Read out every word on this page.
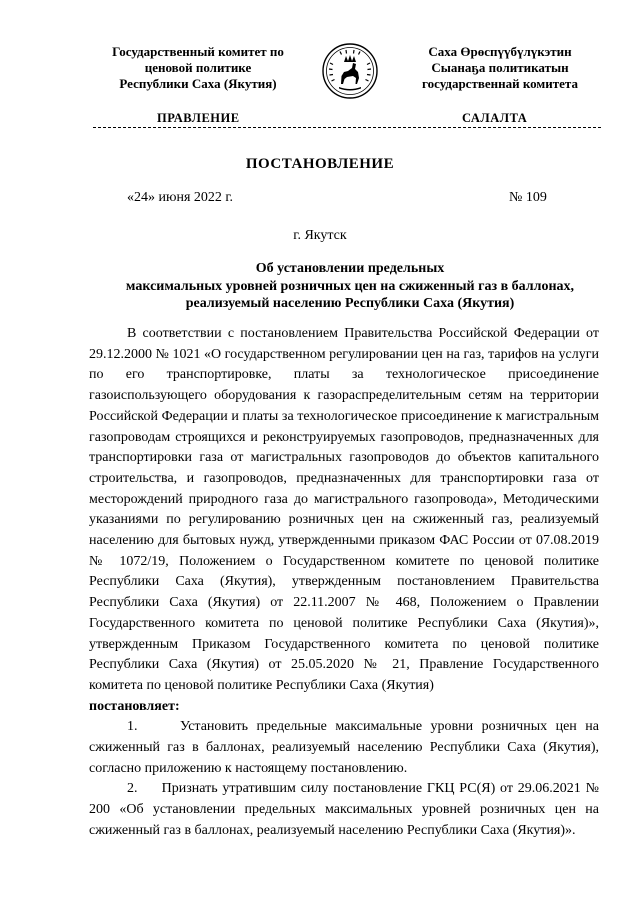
Государственный комитет по
ценовой политике
Республики Саха (Якутия)
Саха Өрөспүүбүлүкэтин
Сыанаҕа политикатын
государственнай комитета
ПРАВЛЕНИЕ	САЛАЛТА
ПОСТАНОВЛЕНИЕ
«24» июня 2022 г.	№ 109
г. Якутск
Об установлении предельных
максимальных уровней розничных цен на сжиженный газ в баллонах,
реализуемый населению Республики Саха (Якутия)

В соответствии с постановлением Правительства Российской Федерации от 29.12.2000 № 1021 «О государственном регулировании цен на газ, тарифов на услуги по его транспортировке, платы за технологическое присоединение газоиспользующего оборудования к газораспределительным сетям на территории Российской Федерации и платы за технологическое присоединение к магистральным газопроводам строящихся и реконструируемых газопроводов, предназначенных для транспортировки газа от магистральных газопроводов до объектов капитального строительства, и газопроводов, предназначенных для транспортировки газа от месторождений природного газа до магистрального газопровода», Методическими указаниями по регулированию розничных цен на сжиженный газ, реализуемый населению для бытовых нужд, утвержденными приказом ФАС России от 07.08.2019 № 1072/19, Положением о Государственном комитете по ценовой политике Республики Саха (Якутия), утвержденным постановлением Правительства Республики Саха (Якутия) от 22.11.2007 № 468, Положением о Правлении Государственного комитета по ценовой политике Республики Саха (Якутия)», утвержденным Приказом Государственного комитета по ценовой политике Республики Саха (Якутия) от 25.05.2020 № 21, Правление Государственного комитета по ценовой политике Республики Саха (Якутия)

постановляет:

1.     Установить предельные максимальные уровни розничных цен на сжиженный газ в баллонах, реализуемый населению Республики Саха (Якутия), согласно приложению к настоящему постановлению.

2.     Признать утратившим силу постановление ГКЦ РС(Я) от 29.06.2021 № 200 «Об установлении предельных максимальных уровней розничных цен на сжиженный газ в баллонах, реализуемый населению Республики Саха (Якутия)».
